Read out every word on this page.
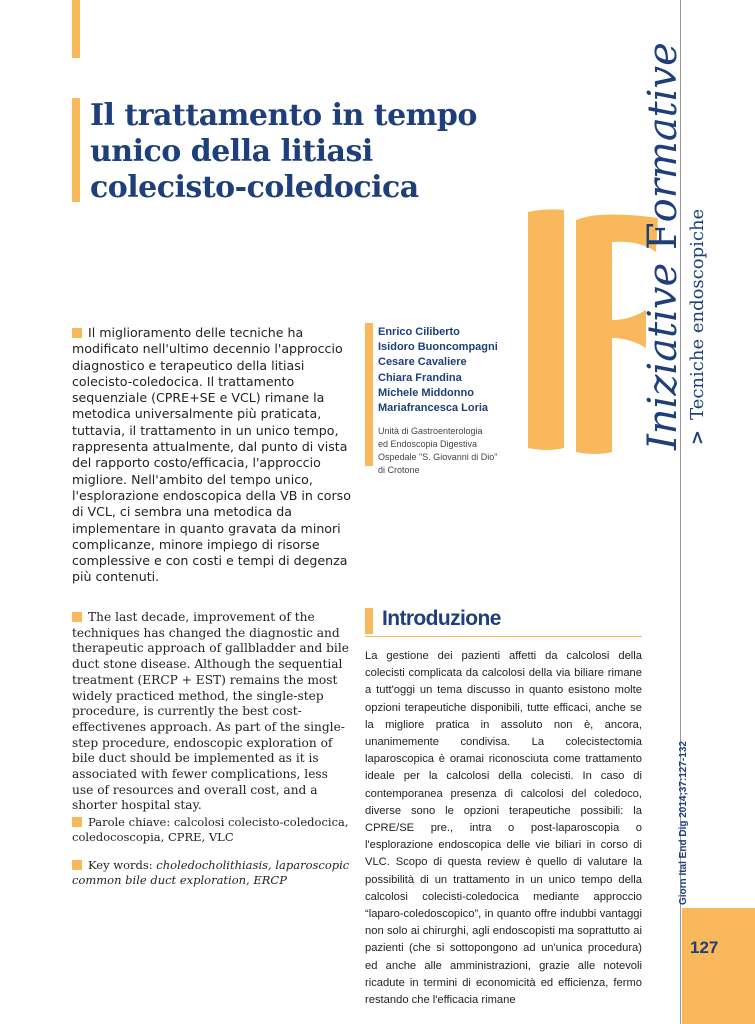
Il trattamento in tempo
unico della litiasi
colecisto-coledocica
Iniziative Formative
>Tecniche endoscopiche
Il miglioramento delle tecniche ha modificato nell'ultimo decennio l'approccio diagnostico e terapeutico della litiasi colecisto-coledocica. Il trattamento sequenziale (CPRE+SE e VCL) rimane la metodica universalmente più praticata, tuttavia, il trattamento in un unico tempo, rappresenta attualmente, dal punto di vista del rapporto costo/efficacia, l'approccio migliore. Nell'ambito del tempo unico, l'esplorazione endoscopica della VB in corso di VCL, ci sembra una metodica da implementare in quanto gravata da minori complicanze, minore impiego di risorse complessive e con costi e tempi di degenza più contenuti.
The last decade, improvement of the techniques has changed the diagnostic and therapeutic approach of gallbladder and bile duct stone disease. Although the sequential treatment (ERCP + EST) remains the most widely practiced method, the single-step procedure, is currently the best cost-effectivenes approach. As part of the single-step procedure, endoscopic exploration of bile duct should be implemented as it is associated with fewer complications, less use of resources and overall cost, and a shorter hospital stay.

Parole chiave: calcolosi colecisto-coledocica, coledocoscopia, CPRE, VLC

Key words: choledocholithiasis, laparoscopic common bile duct exploration, ERCP

Enrico Ciliberto
Isidoro Buoncompagni
Cesare Cavaliere
Chiara Frandina
Michele Middonno
Mariafrancesca Loria
Unità di Gastroenterologia
ed Endoscopia Digestiva
Ospedale "S. Giovanni di Dio"
di Crotone
Introduzione
La gestione dei pazienti affetti da calcolosi della colecisti complicata da calcolosi della via biliare rimane a tutt'oggi un tema discusso in quanto esistono molte opzioni terapeutiche disponibili, tutte efficaci, anche se la migliore pratica in assoluto non è, ancora, unanimemente condivisa. La colecistectomia laparoscopica è oramai riconosciuta come trattamento ideale per la calcolosi della colecisti. In caso di contemporanea presenza di calcolosi del coledoco, diverse sono le opzioni terapeutiche possibili: la CPRE/SE pre., intra o post-laparoscopia o l'esplorazione endoscopica delle vie biliari in corso di VLC. Scopo di questa review è quello di valutare la possibilità di un trattamento in un unico tempo della calcolosi colecisti-coledocica mediante approccio “laparo-coledoscopico”, in quanto offre indubbi vantaggi non solo ai chirurghi, agli endoscopisti ma soprattutto ai pazienti (che si sottopongono ad un'unica procedura) ed anche alle amministrazioni, grazie alle notevoli ricadute in termini di economicità ed efficienza, fermo restando che l'efficacia rimane
Giorn Ital End Dig 2014;37:127-132
127
